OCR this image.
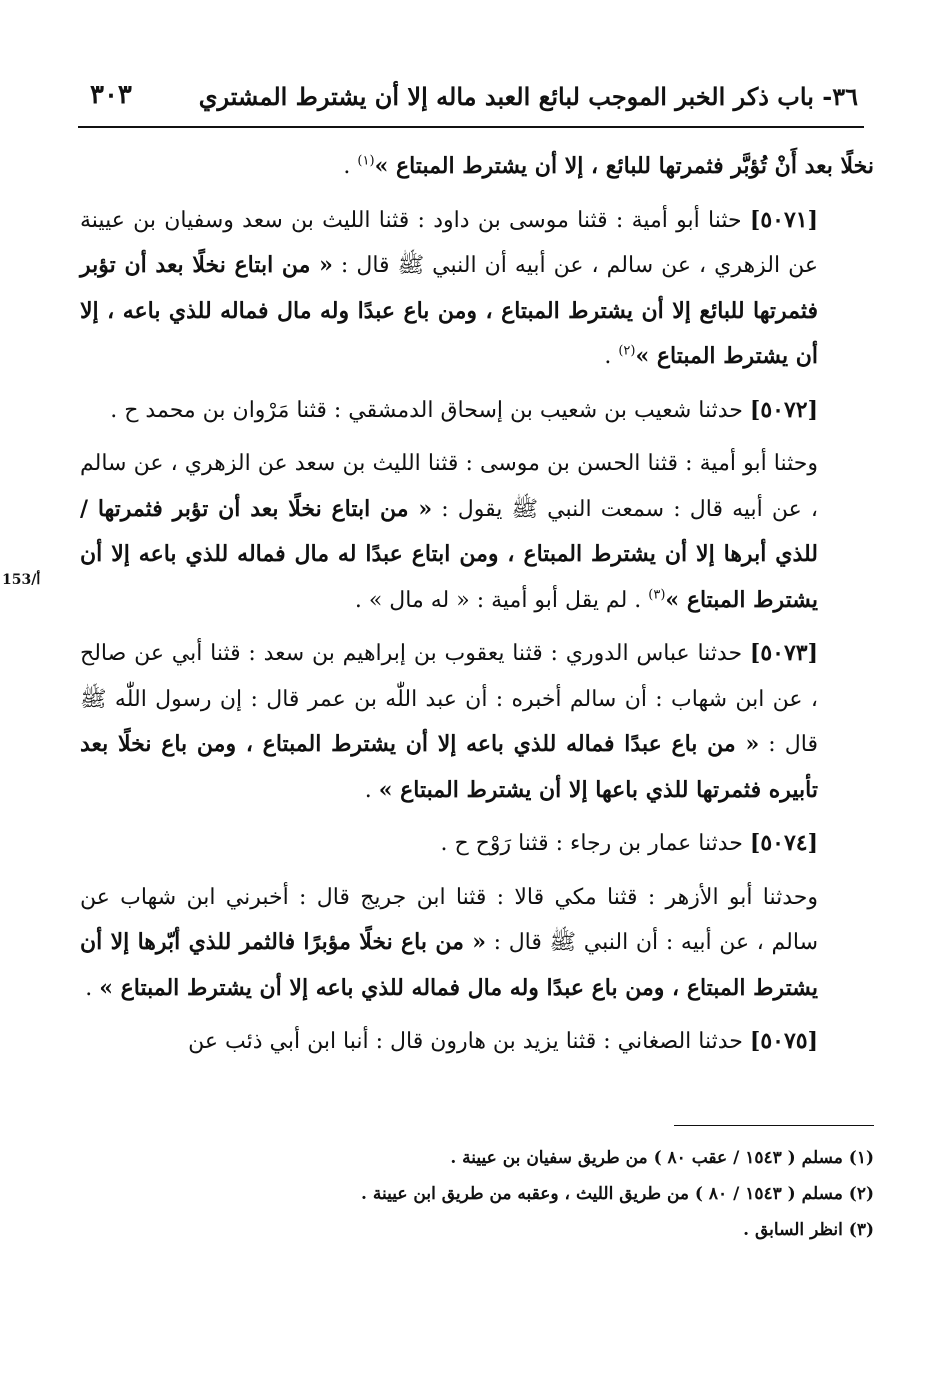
٣٦- باب ذكر الخبر الموجب لبائع العبد ماله إلا أن يشترط المشتري
٣٠٣
153/أ

نخلًا بعد أَنْ تُؤبَّر فثمرتها للبائع ، إلا أن يشترط المبتاع »$^{(١)}$ .

[٥٠٧١] حثنا أبو أمية : قثنا موسى بن داود : قثنا الليث بن سعد وسفيان بن عيينة عن الزهري ، عن سالم ، عن أبيه أن النبي ﷺ قال : « من ابتاع نخلًا بعد أن تؤبر فثمرتها للبائع إلا أن يشترط المبتاع ، ومن باع عبدًا وله مال فماله للذي باعه ، إلا أن يشترط المبتاع »$^{(٢)}$ .

[٥٠٧٢] حدثنا شعيب بن شعيب بن إسحاق الدمشقي : قثنا مَرْوان بن محمد ح .

وحثنا أبو أمية : قثنا الحسن بن موسى : قثنا الليث بن سعد عن الزهري ، عن سالم ، عن أبيه قال : سمعت النبي ﷺ يقول : « من ابتاع نخلًا بعد أن تؤبر فثمرتها / للذي أبرها إلا أن يشترط المبتاع ، ومن ابتاع عبدًا له مال فماله للذي باعه إلا أن يشترط المبتاع »$^{(٣)}$ . لم يقل أبو أمية : « له مال » .

[٥٠٧٣] حدثنا عباس الدوري : قثنا يعقوب بن إبراهيم بن سعد : قثنا أبي عن صالح ، عن ابن شهاب : أن سالم أخبره : أن عبد اللّٰه بن عمر قال : إن رسول اللّٰه ﷺ قال : « من باع عبدًا فماله للذي باعه إلا أن يشترط المبتاع ، ومن باع نخلًا بعد تأبيره فثمرتها للذي باعها إلا أن يشترط المبتاع » .

[٥٠٧٤] حدثنا عمار بن رجاء : قثنا رَوْح ح .

وحدثنا أبو الأزهر : قثنا مكي قالا : قثنا ابن جريج قال : أخبرني ابن شهاب عن سالم ، عن أبيه : أن النبي ﷺ قال : « من باع نخلًا مؤبرًا فالثمر للذي أبّرها إلا أن يشترط المبتاع ، ومن باع عبدًا وله مال فماله للذي باعه إلا أن يشترط المبتاع » .

[٥٠٧٥] حدثنا الصغاني : قثنا يزيد بن هارون قال : أنبا ابن أبي ذئب عن

(١) مسلم ( ١٥٤٣ / عقب ٨٠ ) من طريق سفيان بن عيينة .

(٢) مسلم ( ١٥٤٣ / ٨٠ ) من طريق الليث ، وعقبه من طريق ابن عيينة .

(٣) انظر السابق .
